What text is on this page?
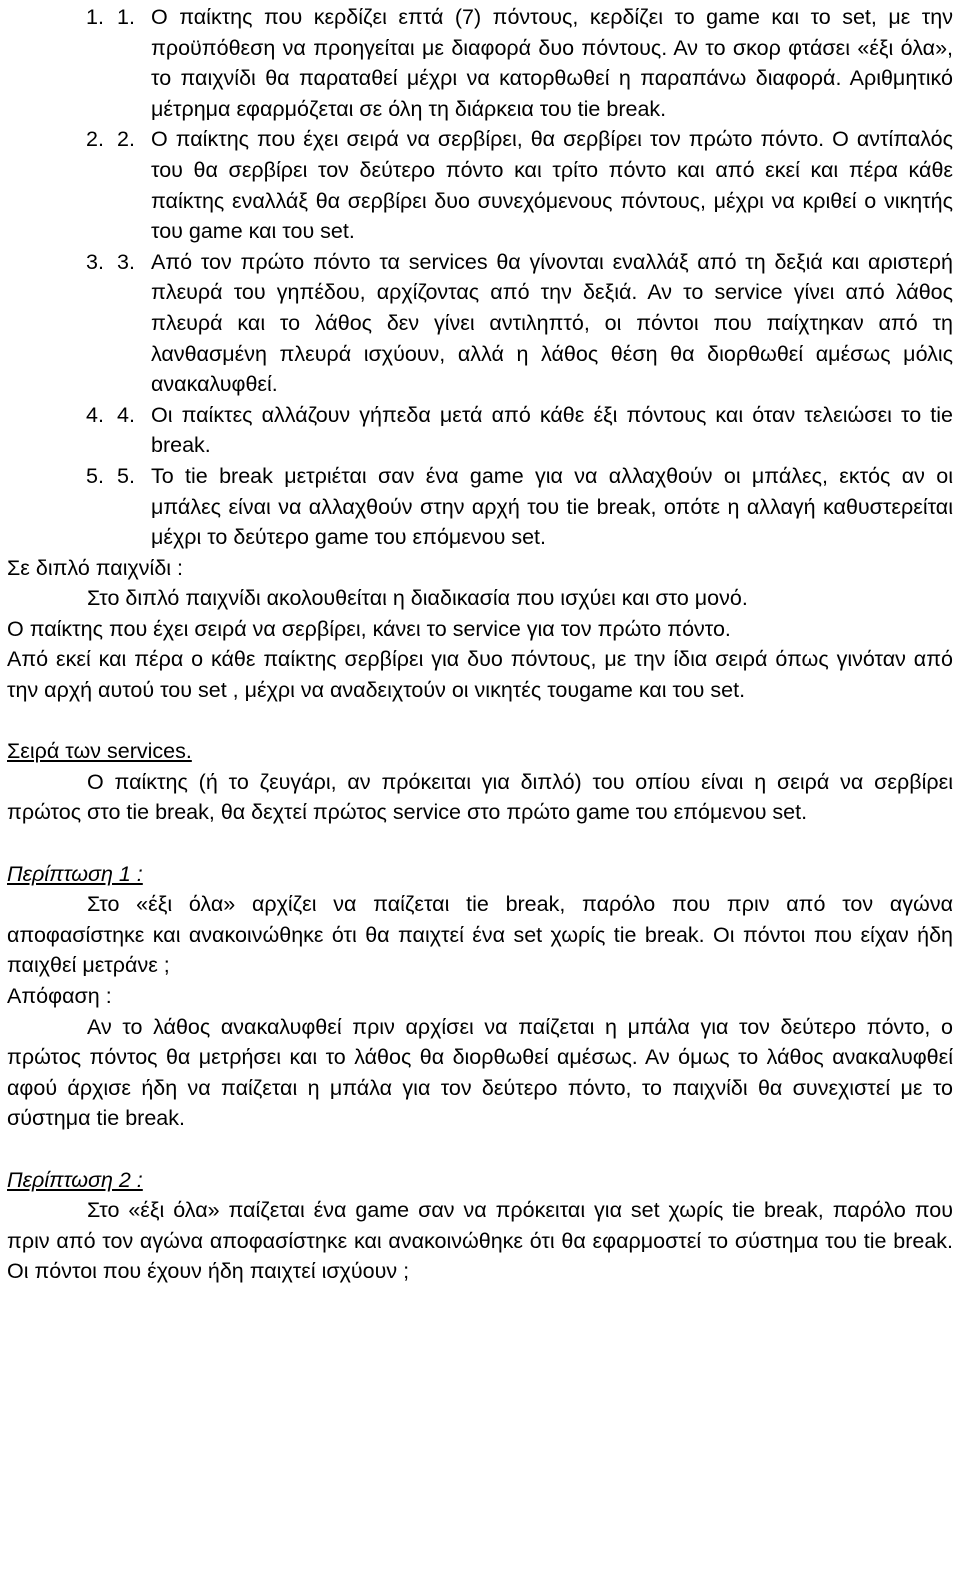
1. 1. Ο παίκτης που κερδίζει επτά (7) πόντους, κερδίζει το game και το set, με την προϋπόθεση να προηγείται με διαφορά δυο πόντους. Αν το σκορ φτάσει «έξι όλα», το παιχνίδι θα παραταθεί μέχρι να κατορθωθεί η παραπάνω διαφορά. Αριθμητικό μέτρημα εφαρμόζεται σε όλη τη διάρκεια του tie break.
2. 2. Ο παίκτης που έχει σειρά να σερβίρει, θα σερβίρει τον πρώτο πόντο. Ο αντίπαλός του θα σερβίρει τον δεύτερο πόντο και τρίτο πόντο και από εκεί και πέρα κάθε παίκτης εναλλάξ θα σερβίρει δυο συνεχόμενους πόντους, μέχρι να κριθεί ο νικητής του game και του set.
3. 3. Από τον πρώτο πόντο τα services θα γίνονται εναλλάξ από τη δεξιά και αριστερή πλευρά του γηπέδου, αρχίζοντας από την δεξιά. Αν το service γίνει από λάθος πλευρά και το λάθος δεν γίνει αντιληπτό, οι πόντοι που παίχτηκαν από τη λανθασμένη πλευρά ισχύουν, αλλά η λάθος θέση θα διορθωθεί αμέσως μόλις ανακαλυφθεί.
4. 4. Οι παίκτες αλλάζουν γήπεδα μετά από κάθε έξι πόντους και όταν τελειώσει το tie break.
5. 5. Το tie break μετριέται σαν ένα game για να αλλαχθούν οι μπάλες, εκτός αν οι μπάλες είναι να αλλαχθούν στην αρχή του tie break, οπότε η αλλαγή καθυστερείται μέχρι το δεύτερο game του επόμενου set.

Σε διπλό παιχνίδι :

Στο διπλό παιχνίδι ακολουθείται η διαδικασία που ισχύει και στο μονό.

Ο παίκτης που έχει σειρά να σερβίρει, κάνει το service για τον πρώτο πόντο.

Από εκεί και πέρα ο κάθε παίκτης σερβίρει για δυο πόντους, με την ίδια σειρά όπως γινόταν από την αρχή αυτού του set , μέχρι να αναδειχτούν οι νικητές τουgame και του set.

Σειρά των services.

Ο παίκτης (ή το ζευγάρι, αν πρόκειται για διπλό) του οπίου είναι η σειρά να σερβίρει πρώτος στο tie break, θα δεχτεί πρώτος service στο πρώτο game του επόμενου set.

Περίπτωση 1 :

Στο «έξι όλα» αρχίζει να παίζεται tie break, παρόλο που πριν από τον αγώνα αποφασίστηκε και ανακοινώθηκε ότι θα παιχτεί ένα set χωρίς tie break. Οι πόντοι που είχαν ήδη παιχθεί μετράνε ;

Απόφαση :

Αν το λάθος ανακαλυφθεί πριν αρχίσει να παίζεται η μπάλα για τον δεύτερο πόντο, ο πρώτος πόντος θα μετρήσει και το λάθος θα διορθωθεί αμέσως. Αν όμως το λάθος ανακαλυφθεί αφού άρχισε ήδη να παίζεται η μπάλα για τον δεύτερο πόντο, το παιχνίδι θα συνεχιστεί με το σύστημα tie break.

Περίπτωση 2 :

Στο «έξι όλα» παίζεται ένα game σαν να πρόκειται για set χωρίς tie break, παρόλο που πριν από τον αγώνα αποφασίστηκε και ανακοινώθηκε ότι θα εφαρμοστεί το σύστημα του tie break. Οι πόντοι που έχουν ήδη παιχτεί ισχύουν ;
